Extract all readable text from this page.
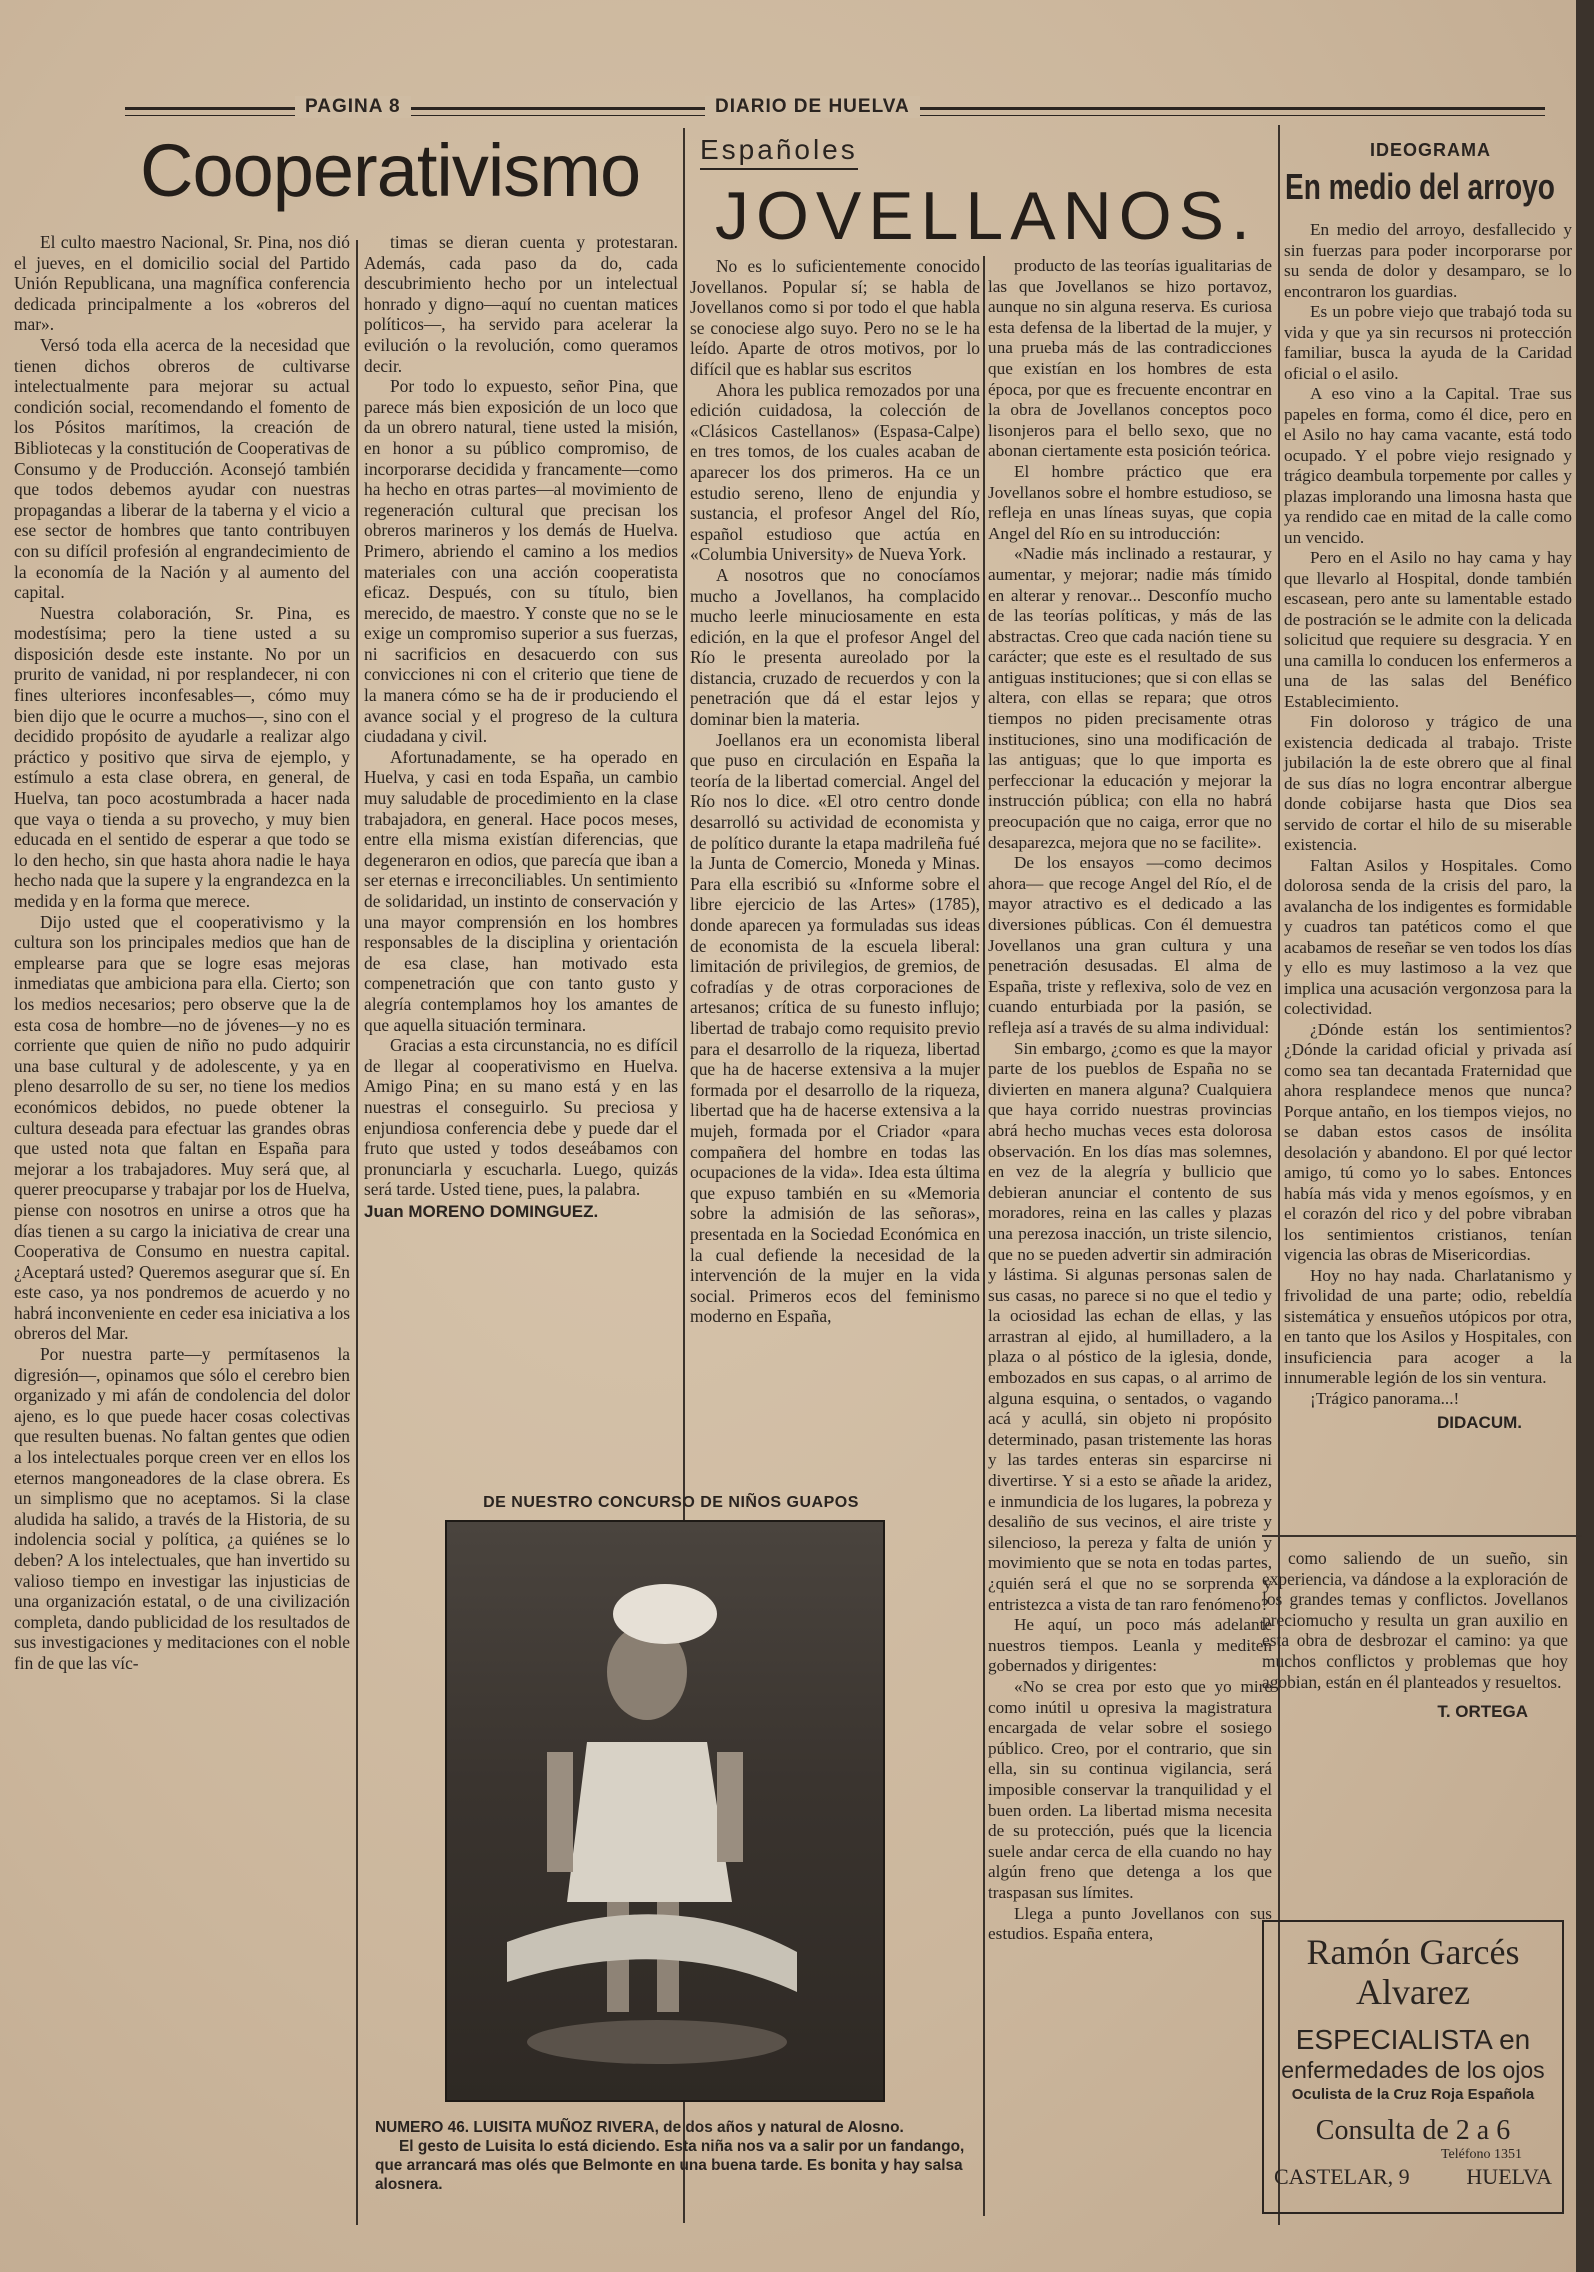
PAGINA 8	DIARIO DE HUELVA
Cooperativismo

El culto maestro Nacional, Sr. Pina, nos dió el jueves, en el domicilio social del Partido Unión Republicana, una magnífica conferencia dedicada principalmente a los «obreros del mar».

Versó toda ella acerca de la necesidad que tienen dichos obreros de cultivarse intelectualmente para mejorar su actual condición social, recomendando el fomento de los Pósitos marítimos, la creación de Bibliotecas y la constitución de Cooperativas de Consumo y de Producción. Aconsejó también que todos debemos ayudar con nuestras propagandas a liberar de la taberna y el vicio a ese sector de hombres que tanto contribuyen con su difícil profesión al engrandecimiento de la economía de la Nación y al aumento del capital.

Nuestra colaboración, Sr. Pina, es modestísima; pero la tiene usted a su disposición desde este instante. No por un prurito de vanidad, ni por resplandecer, ni con fines ulteriores inconfesables—, cómo muy bien dijo que le ocurre a muchos—, sino con el decidido propósito de ayudarle a realizar algo práctico y positivo que sirva de ejemplo, y estímulo a esta clase obrera, en general, de Huelva, tan poco acostumbrada a hacer nada que vaya o tienda a su provecho, y muy bien educada en el sentido de esperar a que todo se lo den hecho, sin que hasta ahora nadie le haya hecho nada que la supere y la engrandezca en la medida y en la forma que merece.

Dijo usted que el cooperativismo y la cultura son los principales medios que han de emplearse para que se logre esas mejoras inmediatas que ambiciona para ella. Cierto; son los medios necesarios; pero observe que la de esta cosa de hombre—no de jóvenes—y no es corriente que quien de niño no pudo adquirir una base cultural y de adolescente, y ya en pleno desarrollo de su ser, no tiene los medios económicos debidos, no puede obtener la cultura deseada para efectuar las grandes obras que usted nota que faltan en España para mejorar a los trabajadores. Muy será que, al querer preocuparse y trabajar por los de Huelva, piense con nosotros en unirse a otros que ha días tienen a su cargo la iniciativa de crear una Cooperativa de Consumo en nuestra capital. ¿Aceptará usted? Queremos asegurar que sí. En este caso, ya nos pondremos de acuerdo y no habrá inconveniente en ceder esa iniciativa a los obreros del Mar.

Por nuestra parte—y permítasenos la digresión—, opinamos que sólo el cerebro bien organizado y mi afán de condolencia del dolor ajeno, es lo que puede hacer cosas colectivas que resulten buenas. No faltan gentes que odien a los intelectuales porque creen ver en ellos los eternos mangoneadores de la clase obrera. Es un simplismo que no aceptamos. Si la clase aludida ha salido, a través de la Historia, de su indolencia social y política, ¿a quiénes se lo deben? A los intelectuales, que han invertido su valioso tiempo en investigar las injusticias de una organización estatal, o de una civilización completa, dando publicidad de los resultados de sus investigaciones y meditaciones con el noble fin de que las víc-

timas se dieran cuenta y protestaran. Además, cada paso da do, cada descubrimiento hecho por un intelectual honrado y digno—aquí no cuentan matices políticos—, ha servido para acelerar la evilución o la revolución, como queramos decir.

Por todo lo expuesto, señor Pina, que parece más bien exposición de un loco que da un obrero natural, tiene usted la misión, en honor a su público compromiso, de incorporarse decidida y francamente—como ha hecho en otras partes—al movimiento de regeneración cultural que precisan los obreros marineros y los demás de Huelva. Primero, abriendo el camino a los medios materiales con una acción cooperatista eficaz. Después, con su título, bien merecido, de maestro. Y conste que no se le exige un compromiso superior a sus fuerzas, ni sacrificios en desacuerdo con sus convicciones ni con el criterio que tiene de la manera cómo se ha de ir produciendo el avance social y el progreso de la cultura ciudadana y civil.

Afortunadamente, se ha operado en Huelva, y casi en toda España, un cambio muy saludable de procedimiento en la clase trabajadora, en general. Hace pocos meses, entre ella misma existían diferencias, que degeneraron en odios, que parecía que iban a ser eternas e irreconciliables. Un sentimiento de solidaridad, un instinto de conservación y una mayor comprensión en los hombres responsables de la disciplina y orientación de esa clase, han motivado esta compenetración que con tanto gusto y alegría contemplamos hoy los amantes de que aquella situación terminara.

Gracias a esta circunstancia, no es difícil de llegar al cooperativismo en Huelva. Amigo Pina; en su mano está y en las nuestras el conseguirlo. Su preciosa y enjundiosa conferencia debe y puede dar el fruto que usted y todos deseábamos con pronunciarla y escucharla. Luego, quizás será tarde. Usted tiene, pues, la palabra.

Juan MORENO DOMINGUEZ.
Españoles
JOVELLANOS.

No es lo suficientemente conocido Jovellanos. Popular sí; se habla de Jovellanos como si por todo el que habla se conociese algo suyo. Pero no se le ha leído. Aparte de otros motivos, por lo difícil que es hablar sus escritos

Ahora les publica remozados por una edición cuidadosa, la colección de «Clásicos Castellanos» (Espasa-Calpe) en tres tomos, de los cuales acaban de aparecer los dos primeros. Ha ce un estudio sereno, lleno de enjundia y sustancia, el profesor Angel del Río, español estudioso que actúa en «Columbia University» de Nueva York.

A nosotros que no conocíamos mucho a Jovellanos, ha complacido mucho leerle minuciosamente en esta edición, en la que el profesor Angel del Río le presenta aureolado por la distancia, cruzado de recuerdos y con la penetración que dá el estar lejos y dominar bien la materia.

Joellanos era un economista liberal que puso en circulación en España la teoría de la libertad comercial. Angel del Río nos lo dice. «El otro centro donde desarrolló su actividad de economista y de político durante la etapa madrileña fué la Junta de Comercio, Moneda y Minas. Para ella escribió su «Informe sobre el libre ejercicio de las Artes» (1785), donde aparecen ya formuladas sus ideas de economista de la escuela liberal: limitación de privilegios, de gremios, de cofradías y de otras corporaciones de artesanos; crítica de su funesto influjo; libertad de trabajo como requisito previo para el desarrollo de la riqueza, libertad que ha de hacerse extensiva a la mujer formada por el desarrollo de la riqueza, libertad que ha de hacerse extensiva a la mujeh, formada por el Criador «para compañera del hombre en todas las ocupaciones de la vida». Idea esta última que expuso también en su «Memoria sobre la admisión de las señoras», presentada en la Sociedad Económica en la cual defiende la necesidad de la intervención de la mujer en la vida social. Primeros ecos del feminismo moderno en España,

producto de las teorías igualitarias de las que Jovellanos se hizo portavoz, aunque no sin alguna reserva. Es curiosa esta defensa de la libertad de la mujer, y una prueba más de las contradicciones que existían en los hombres de esta época, por que es frecuente encontrar en la obra de Jovellanos conceptos poco lisonjeros para el bello sexo, que no abonan ciertamente esta posición teórica.

El hombre práctico que era Jovellanos sobre el hombre estudioso, se refleja en unas líneas suyas, que copia Angel del Río en su introducción:

«Nadie más inclinado a restaurar, y aumentar, y mejorar; nadie más tímido en alterar y renovar... Desconfío mucho de las teorías políticas, y más de las abstractas. Creo que cada nación tiene su carácter; que este es el resultado de sus antiguas instituciones; que si con ellas se altera, con ellas se repara; que otros tiempos no piden precisamente otras instituciones, sino una modificación de las antiguas; que lo que importa es perfeccionar la educación y mejorar la instrucción pública; con ella no habrá preocupación que no caiga, error que no desaparezca, mejora que no se facilite».

De los ensayos —como decimos ahora— que recoge Angel del Río, el de mayor atractivo es el dedicado a las diversiones públicas. Con él demuestra Jovellanos una gran cultura y una penetración desusadas. El alma de España, triste y reflexiva, solo de vez en cuando enturbiada por la pasión, se refleja así a través de su alma individual:

Sin embargo, ¿como es que la mayor parte de los pueblos de España no se divierten en manera alguna? Cualquiera que haya corrido nuestras provincias abrá hecho muchas veces esta dolorosa observación. En los días mas solemnes, en vez de la alegría y bullicio que debieran anunciar el contento de sus moradores, reina en las calles y plazas una perezosa inacción, un triste silencio, que no se pueden advertir sin admiración y lástima. Si algunas personas salen de sus casas, no parece si no que el tedio y la ociosidad las echan de ellas, y las arrastran al ejido, al humilladero, a la plaza o al póstico de la iglesia, donde, embozados en sus capas, o al arrimo de alguna esquina, o sentados, o vagando acá y acullá, sin objeto ni propósito determinado, pasan tristemente las horas y las tardes enteras sin esparcirse ni divertirse. Y si a esto se añade la aridez, e inmundicia de los lugares, la pobreza y desaliño de sus vecinos, el aire triste y silencioso, la pereza y falta de unión y movimiento que se nota en todas partes, ¿quién será el que no se sorprenda y entristezca a vista de tan raro fenómeno?

He aquí, un poco más adelante nuestros tiempos. Leanla y mediten gobernados y dirigentes:

«No se crea por esto que yo mire como inútil u opresiva la magistratura encargada de velar sobre el sosiego público. Creo, por el contrario, que sin ella, sin su continua vigilancia, será imposible conservar la tranquilidad y el buen orden. La libertad misma necesita de su protección, pués que la licencia suele andar cerca de ella cuando no hay algún freno que detenga a los que traspasan sus límites.

Llega a punto Jovellanos con sus estudios. España entera,

DE NUESTRO CONCURSO DE NIÑOS GUAPOS
NUMERO 46. LUISITA MUÑOZ RIVERA, de dos años y natural de Alosno.
El gesto de Luisita lo está diciendo. Esta niña nos va a salir por un fandango, que arrancará mas olés que Belmonte en una buena tarde. Es bonita y hay salsa alosnera.
IDEOGRAMA
En medio del arroyo

En medio del arroyo, desfallecido y sin fuerzas para poder incorporarse por su senda de dolor y desamparo, se lo encontraron los guardias.

Es un pobre viejo que trabajó toda su vida y que ya sin recursos ni protección familiar, busca la ayuda de la Caridad oficial o el asilo.

A eso vino a la Capital. Trae sus papeles en forma, como él dice, pero en el Asilo no hay cama vacante, está todo ocupado. Y el pobre viejo resignado y trágico deambula torpemente por calles y plazas implorando una limosna hasta que ya rendido cae en mitad de la calle como un vencido.

Pero en el Asilo no hay cama y hay que llevarlo al Hospital, donde también escasean, pero ante su lamentable estado de postración se le admite con la delicada solicitud que requiere su desgracia. Y en una camilla lo conducen los enfermeros a una de las salas del Benéfico Establecimiento.

Fin doloroso y trágico de una existencia dedicada al trabajo. Triste jubilación la de este obrero que al final de sus días no logra encontrar albergue donde cobijarse hasta que Dios sea servido de cortar el hilo de su miserable existencia.

Faltan Asilos y Hospitales. Como dolorosa senda de la crisis del paro, la avalancha de los indigentes es formidable y cuadros tan patéticos como el que acabamos de reseñar se ven todos los días y ello es muy lastimoso a la vez que implica una acusación vergonzosa para la colectividad.

¿Dónde están los sentimientos? ¿Dónde la caridad oficial y privada así como sea tan decantada Fraternidad que ahora resplandece menos que nunca? Porque antaño, en los tiempos viejos, no se daban estos casos de insólita desolación y abandono. El por qué lector amigo, tú como yo lo sabes. Entonces había más vida y menos egoísmos, y en el corazón del rico y del pobre vibraban los sentimientos cristianos, tenían vigencia las obras de Misericordias.

Hoy no hay nada. Charlatanismo y frivolidad de una parte; odio, rebeldía sistemática y ensueños utópicos por otra, en tanto que los Asilos y Hospitales, con insuficiencia para acoger a la innumerable legión de los sin ventura.

¡Trágico panorama...!

DIDACUM.

como saliendo de un sueño, sin experiencia, va dándose a la exploración de los grandes temas y conflictos. Jovellanos preciomucho y resulta un gran auxilio en esta obra de desbrozar el camino: ya que muchos conflictos y problemas que hoy agobian, están en él planteados y resueltos.

T. ORTEGA
Ramón Garcés
Alvarez
ESPECIALISTA en
enfermedades de los ojos
Oculista de la Cruz Roja Española
Consulta de 2 a 6
Teléfono 1351
CASTELAR, 9	HUELVA
